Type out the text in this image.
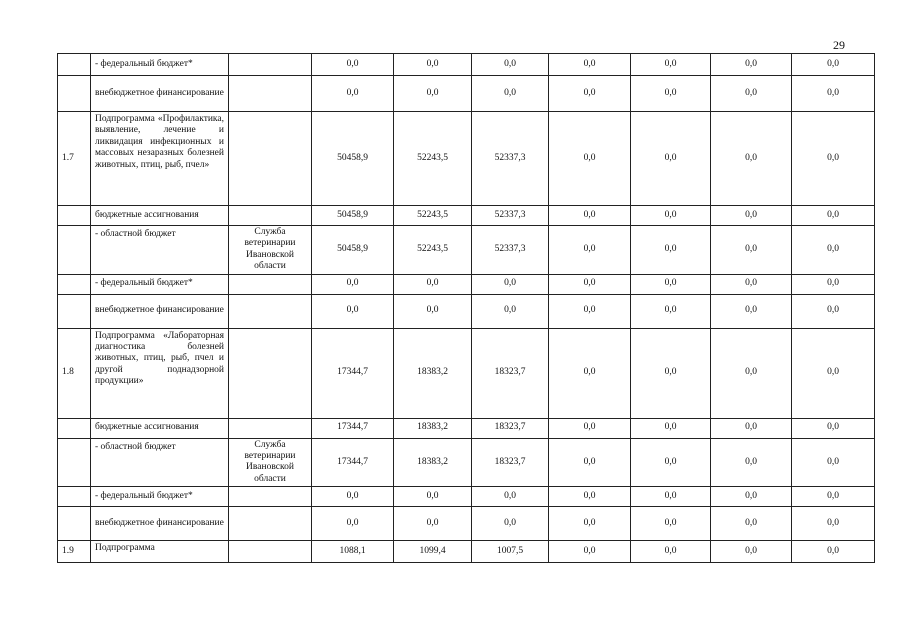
29
	- федеральный бюджет*		0,0	0,0	0,0	0,0	0,0	0,0	0,0
	внебюджетное финансирование		0,0	0,0	0,0	0,0	0,0	0,0	0,0
1.7	Подпрограмма «Профилактика, выявление, лечение и ликвидация инфекционных и массовых незаразных болезней животных, птиц, рыб, пчел»		50458,9	52243,5	52337,3	0,0	0,0	0,0	0,0
	бюджетные ассигнования		50458,9	52243,5	52337,3	0,0	0,0	0,0	0,0
	- областной бюджет	Служба ветеринарии Ивановской области	50458,9	52243,5	52337,3	0,0	0,0	0,0	0,0
	- федеральный бюджет*		0,0	0,0	0,0	0,0	0,0	0,0	0,0
	внебюджетное финансирование		0,0	0,0	0,0	0,0	0,0	0,0	0,0
1.8	Подпрограмма «Лабораторная диагностика болезней животных, птиц, рыб, пчел и другой поднадзорной продукции»		17344,7	18383,2	18323,7	0,0	0,0	0,0	0,0
	бюджетные ассигнования		17344,7	18383,2	18323,7	0,0	0,0	0,0	0,0
	- областной бюджет	Служба ветеринарии Ивановской области	17344,7	18383,2	18323,7	0,0	0,0	0,0	0,0
	- федеральный бюджет*		0,0	0,0	0,0	0,0	0,0	0,0	0,0
	внебюджетное финансирование		0,0	0,0	0,0	0,0	0,0	0,0	0,0
1.9	Подпрограмма		1088,1	1099,4	1007,5	0,0	0,0	0,0	0,0
